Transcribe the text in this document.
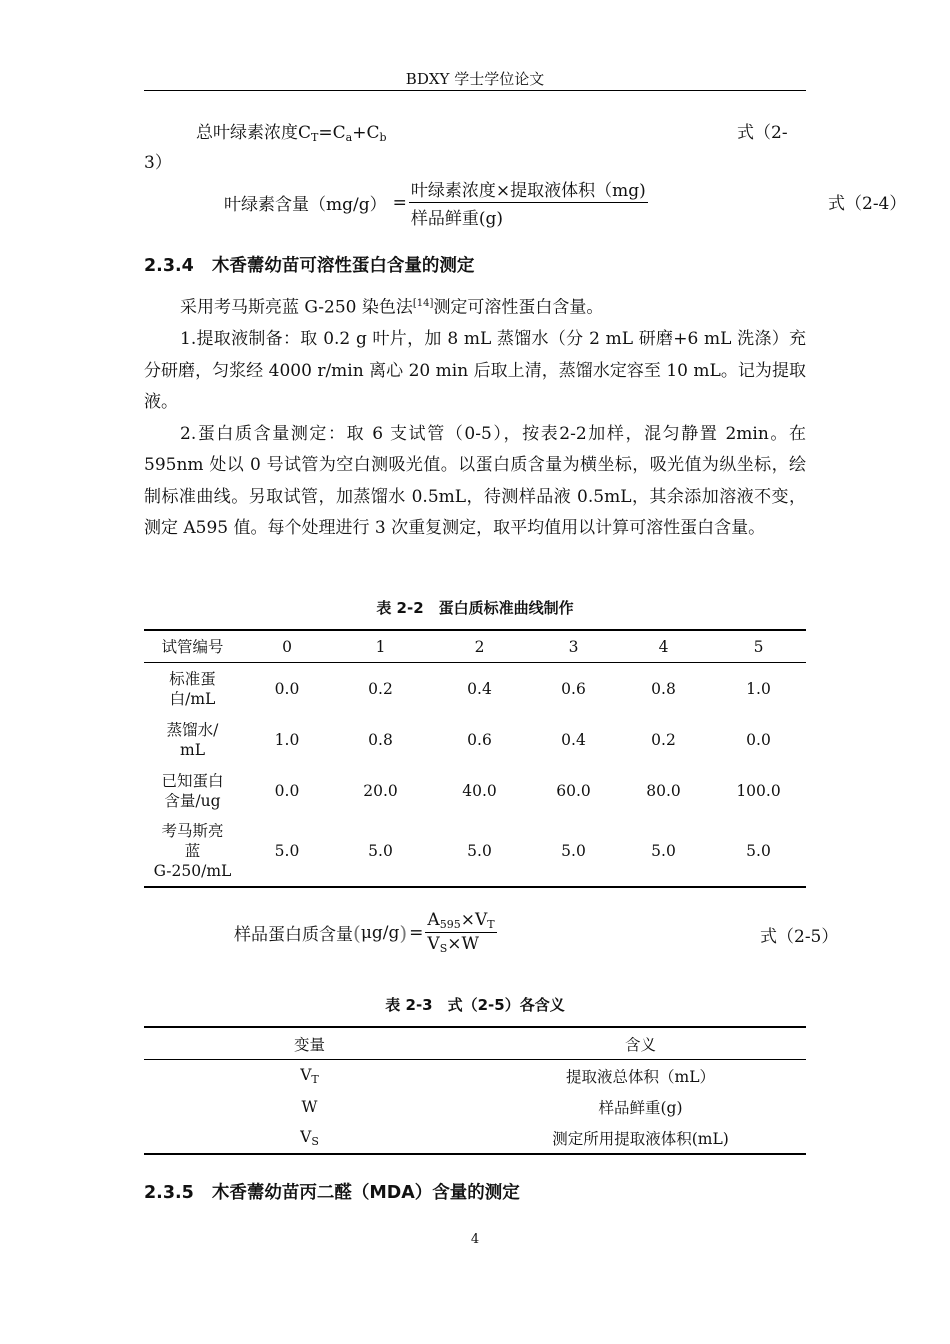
BDXY 学士学位论文
总叶绿素浓度$C_T=C_a+C_b$	式（2-
3）
叶绿素含量$(mg/g) = \frac{\text{叶绿素浓度×提取液体积（mg)}}{\text{样品鲜重(g)}}$	式（2-4）
2.3.4 木香薷幼苗可溶性蛋白含量的测定

采用考马斯亮蓝 G-250 染色法[14]测定可溶性蛋白含量。

1.提取液制备：取 0.2 g 叶片，加 8 mL 蒸馏水（分 2 mL 研磨+6 mL 洗涤）充分研磨，匀浆经 4000 r/min 离心 20 min 后取上清，蒸馏水定容至 10 mL。记为提取液。

2.蛋白质含量测定：取 6 支试管（0-5），按表2-2加样，混匀静置 2min。在 595nm 处以 0 号试管为空白测吸光值。以蛋白质含量为横坐标，吸光值为纵坐标，绘制标准曲线。另取试管，加蒸馏水 0.5mL，待测样品液 0.5mL，其余添加溶液不变，测定 A595 值。每个处理进行 3 次重复测定，取平均值用以计算可溶性蛋白含量。

表 2-2　蛋白质标准曲线制作
试管编号	0	1	2	3	4	5

标准蛋
白/mL	0.0	0.2	0.4	0.6	0.8	1.0

蒸馏水/
mL	1.0	0.8	0.6	0.4	0.2	0.0

已知蛋白
含量/ug	0.0	20.0	40.0	60.0	80.0	100.0

考马斯亮
蓝
G-250/mL	5.0	5.0	5.0	5.0	5.0	5.0
样品蛋白质含量 ( μg/g ) = $\frac{A_{595}\times V_T}{V_S\times W}$	式（2-5）
表 2-3　式（2-5）各含义
变量	含义
$V_T$	提取液总体积（mL）
W	样品鲜重(g)
$V_S$	测定所用提取液体积(mL)
2.3.5 木香薷幼苗丙二醛（MDA）含量的测定
4
